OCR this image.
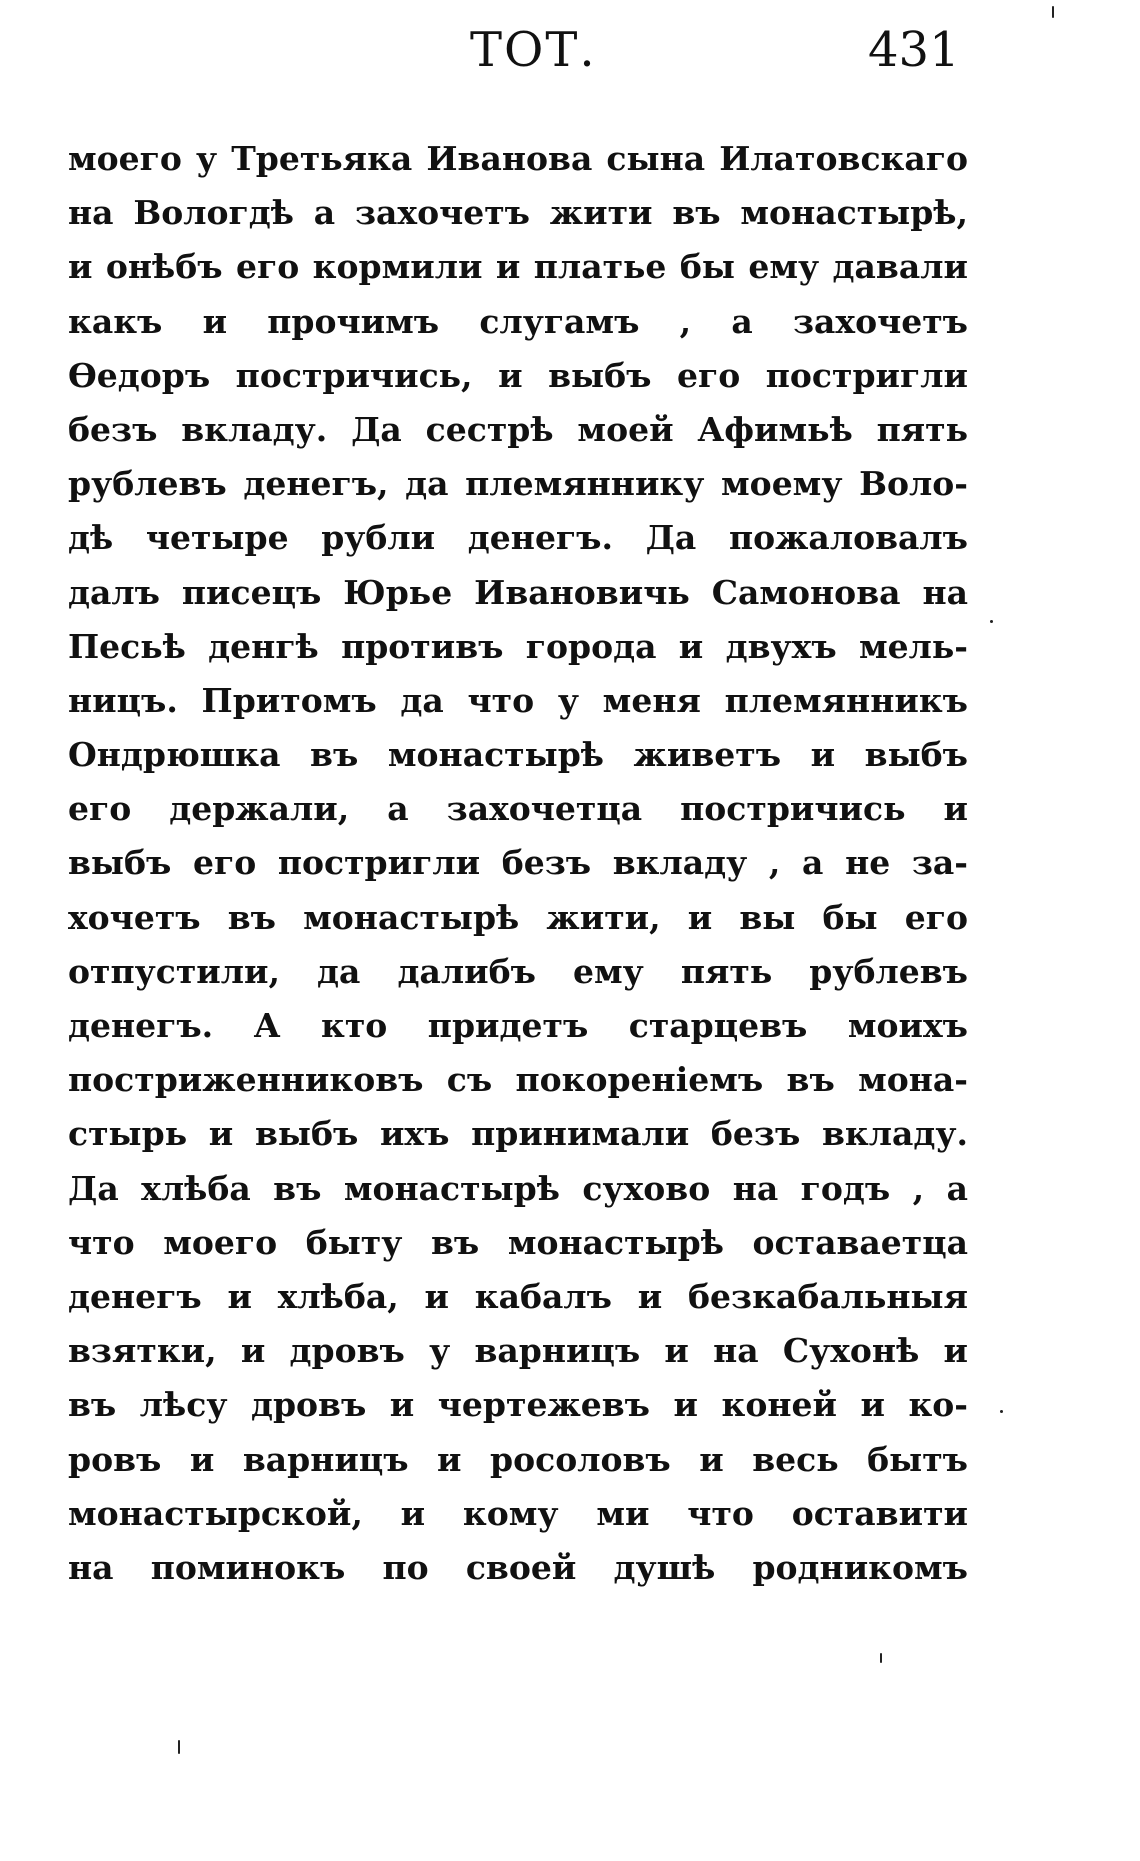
ТОТ.	431
моего у Третьяка Иванова сына Илатовскаго
на Вологдѣ а захочетъ жити въ монастырѣ,
и онѣбъ его кормили и платье бы ему давали
какъ и прочимъ слугамъ , а захочетъ
Өедоръ постричись, и выбъ его постригли
безъ вкладу. Да сестрѣ моей Афимьѣ пять
рублевъ денегъ, да племяннику моему Воло-
дѣ четыре рубли денегъ. Да пожаловалъ
далъ писецъ Юрье Ивановичь Самонова на
Песьѣ денгѣ противъ города и двухъ мель-
ницъ. Притомъ да что у меня племянникъ
Ондрюшка въ монастырѣ живетъ и выбъ
его держали, а захочетца постричись и
выбъ его постригли безъ вкладу , а не за-
хочетъ въ монастырѣ жити, и вы бы его
отпустили, да далибъ ему пять рублевъ
денегъ. А кто придетъ старцевъ моихъ
постриженниковъ съ покоренiемъ въ мона-
стырь и выбъ ихъ принимали безъ вкладу.
Да хлѣба въ монастырѣ сухово на годъ , а
что моего быту въ монастырѣ оставаетца
денегъ и хлѣба, и кабалъ и безкабальныя
взятки, и дровъ у варницъ и на Сухонѣ и
въ лѣсу дровъ и чертежевъ и коней и ко-
ровъ и варницъ и росоловъ и весь бытъ
монастырской, и кому ми что оставити
на поминокъ по своей душѣ родникомъ
